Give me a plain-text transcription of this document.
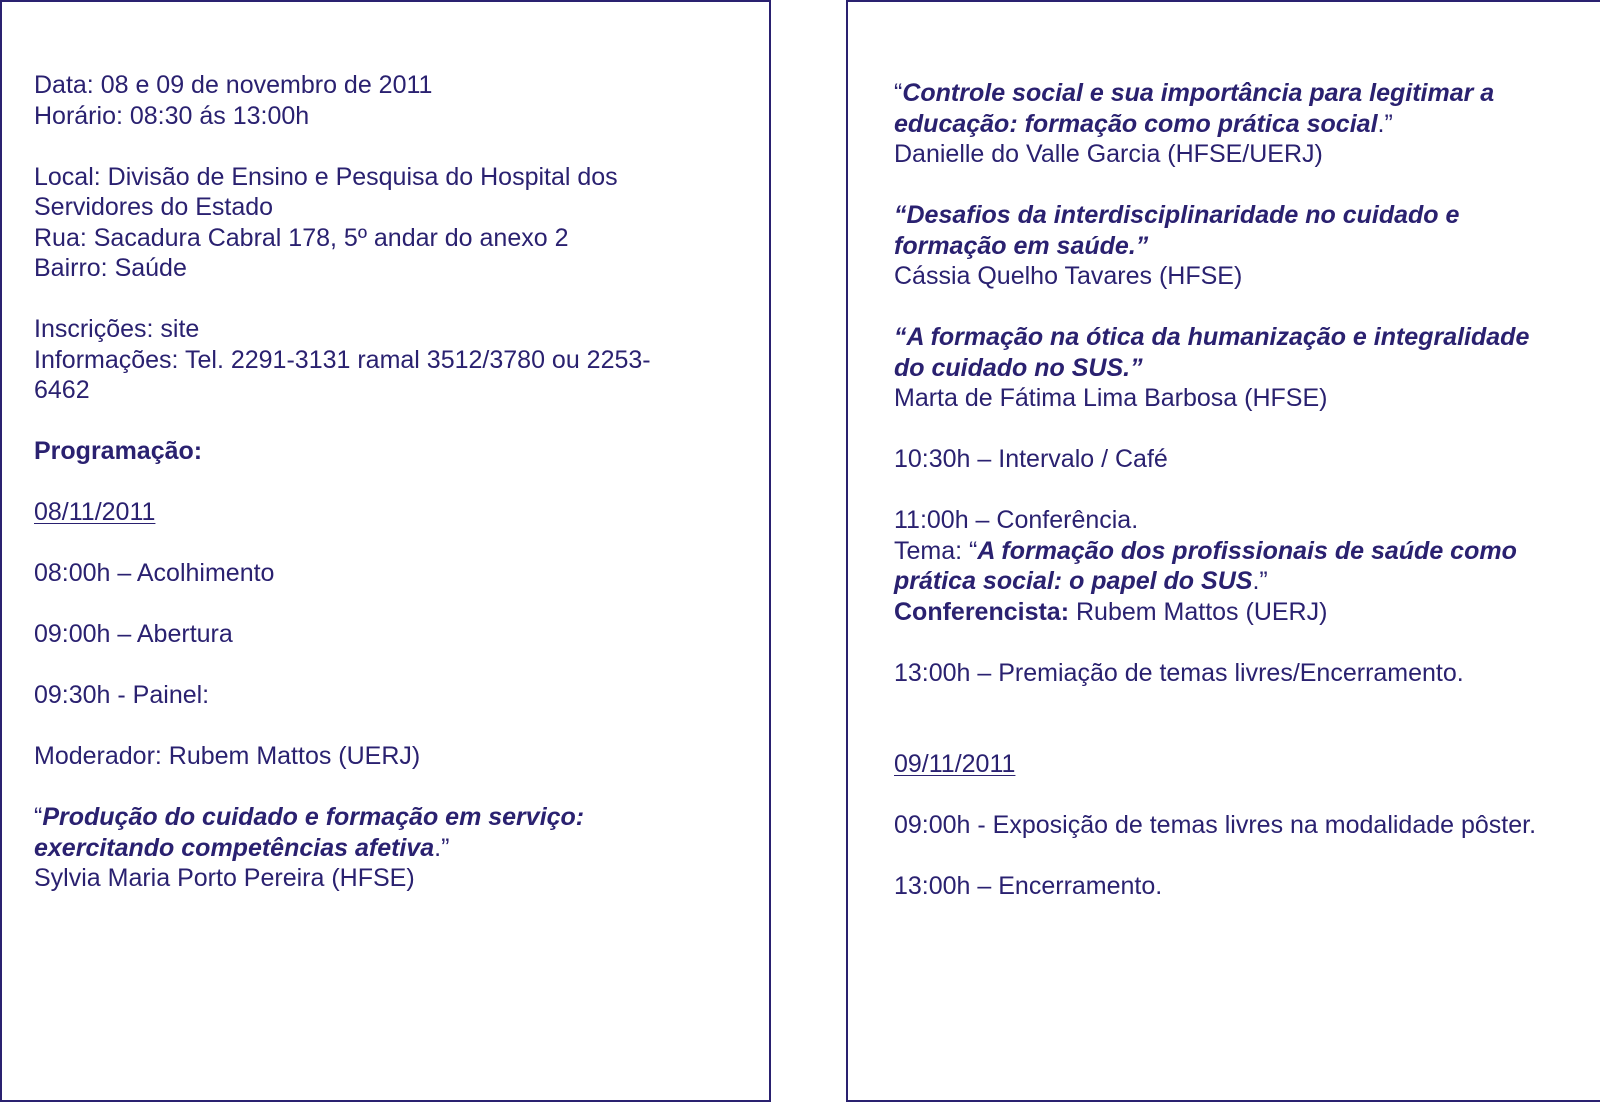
Data: 08 e 09 de novembro de 2011
Horário: 08:30 ás 13:00h
Local: Divisão de Ensino e Pesquisa do Hospital dos
Servidores do Estado
Rua: Sacadura Cabral 178, 5º andar do anexo 2
Bairro: Saúde
Inscrições: site
Informações: Tel. 2291-3131 ramal 3512/3780 ou 2253-
6462
Programação:
08/11/2011
08:00h – Acolhimento
09:00h – Abertura
09:30h - Painel:
Moderador: Rubem Mattos (UERJ)
“Produção do cuidado e formação em serviço:
exercitando competências afetiva.”
Sylvia Maria Porto Pereira (HFSE)
“Controle social e sua importância para legitimar a
educação: formação como prática social.”
Danielle do Valle Garcia (HFSE/UERJ)
“Desafios da interdisciplinaridade no cuidado e
formação em saúde.”
Cássia Quelho Tavares (HFSE)
“A formação na ótica da humanização e integralidade
do cuidado no SUS.”
Marta de Fátima Lima Barbosa (HFSE)
10:30h – Intervalo / Café
11:00h – Conferência.
Tema: “A formação dos profissionais de saúde como
prática social: o papel do SUS.”
Conferencista: Rubem Mattos (UERJ)
13:00h – Premiação de temas livres/Encerramento.
09/11/2011
09:00h - Exposição de temas livres na modalidade pôster.
13:00h – Encerramento.
